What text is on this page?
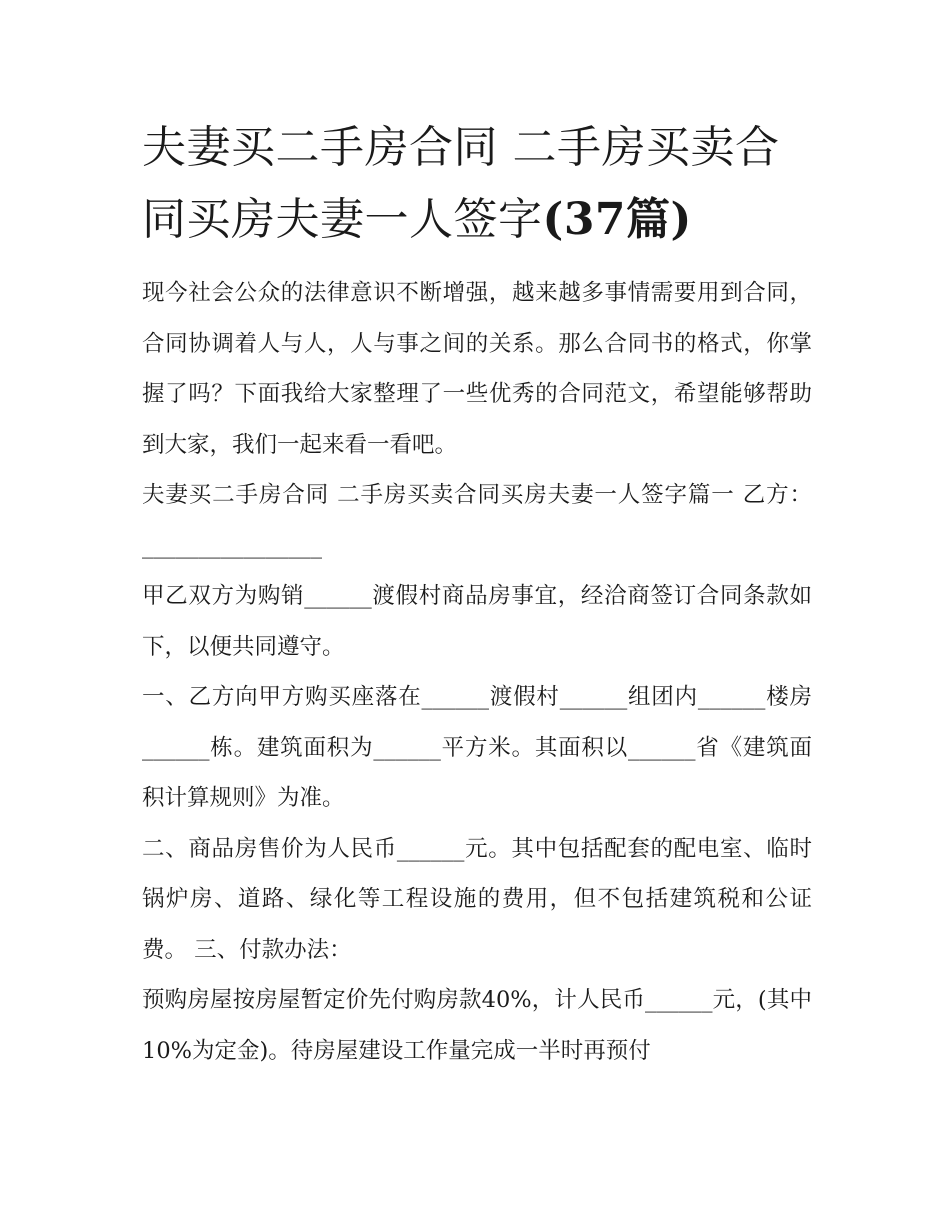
夫妻买二手房合同 二手房买卖合同买房夫妻一人签字(37篇)

现今社会公众的法律意识不断增强，越来越多事情需要用到合同，合同协调着人与人，人与事之间的关系。那么合同书的格式，你掌握了吗？下面我给大家整理了一些优秀的合同范文，希望能够帮助到大家，我们一起来看一看吧。

夫妻买二手房合同 二手房买卖合同买房夫妻一人签字篇一 乙方：________________

甲乙双方为购销______渡假村商品房事宜，经洽商签订合同条款如下，以便共同遵守。

一、乙方向甲方购买座落在______渡假村______组团内______楼房______栋。建筑面积为______平方米。其面积以______省《建筑面积计算规则》为准。

二、商品房售价为人民币______元。其中包括配套的配电室、临时锅炉房、道路、绿化等工程设施的费用，但不包括建筑税和公证费。 三、付款办法：

预购房屋按房屋暂定价先付购房款40%，计人民币______元，(其中10%为定金)。待房屋建设工作量完成一半时再预付
